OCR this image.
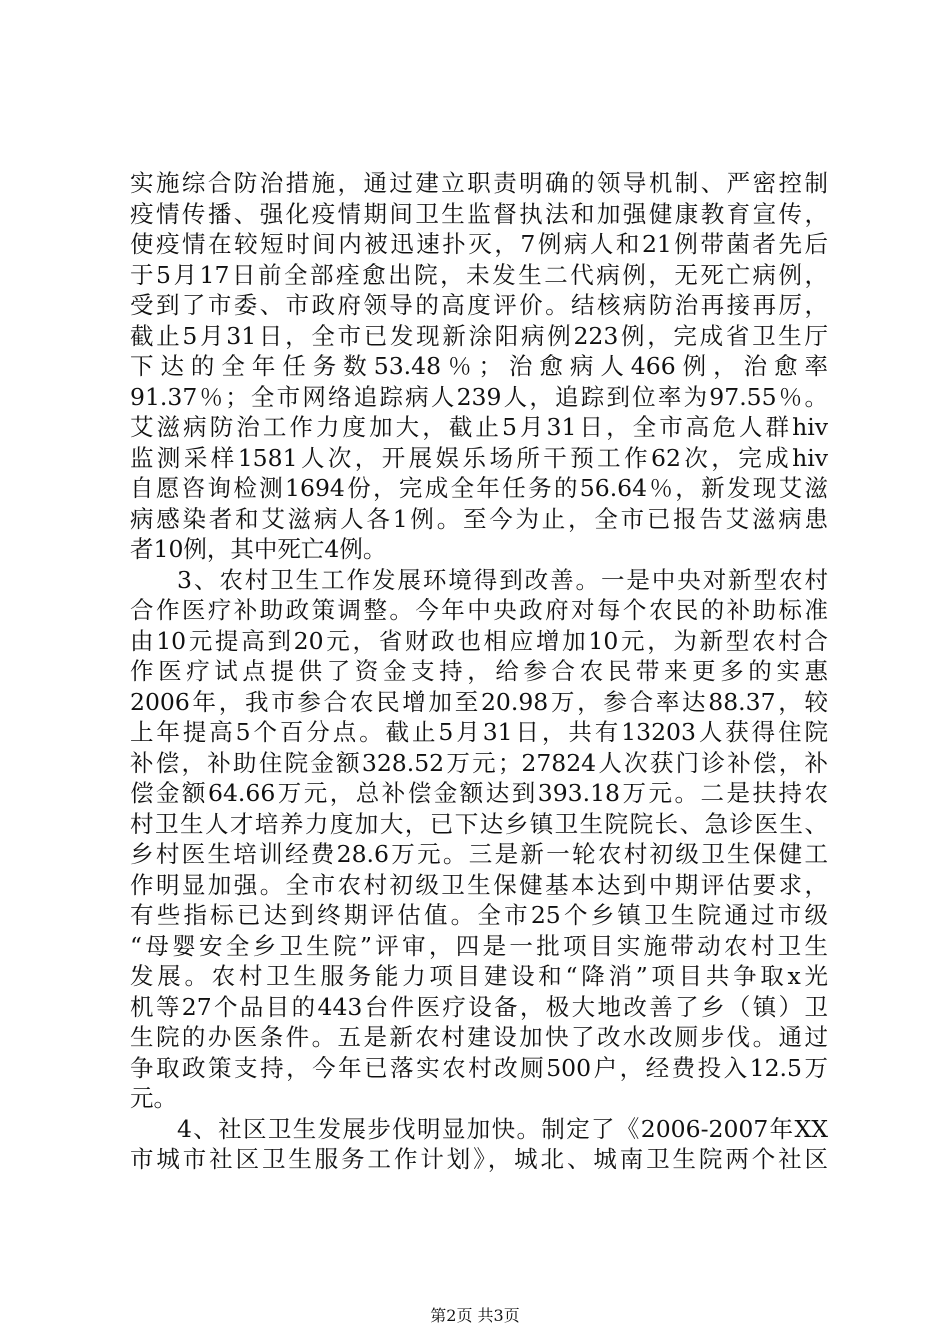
实施综合防治措施，通过建立职责明确的领导机制、严密控制
疫情传播、强化疫情期间卫生监督执法和加强健康教育宣传，
使疫情在较短时间内被迅速扑灭，7例病人和21例带菌者先后
于5月17日前全部痊愈出院，未发生二代病例，无死亡病例，
受到了市委、市政府领导的高度评价。结核病防治再接再厉，
截止5月31日，全市已发现新涂阳病例223例，完成省卫生厅
下达的全年任务数53.48％；治愈病人466例，治愈率
91.37％；全市网络追踪病人239人，追踪到位率为97.55％。
艾滋病防治工作力度加大，截止5月31日，全市高危人群hiv
监测采样1581人次，开展娱乐场所干预工作62次，完成hiv
自愿咨询检测1694份，完成全年任务的56.64％，新发现艾滋
病感染者和艾滋病人各1例。至今为止，全市已报告艾滋病患
者10例，其中死亡4例。
3、农村卫生工作发展环境得到改善。一是中央对新型农村
合作医疗补助政策调整。今年中央政府对每个农民的补助标准
由10元提高到20元，省财政也相应增加10元，为新型农村合
作医疗试点提供了资金支持，给参合农民带来更多的实惠
2006年，我市参合农民增加至20.98万，参合率达88.37，较
上年提高5个百分点。截止5月31日，共有13203人获得住院
补偿，补助住院金额328.52万元；27824人次获门诊补偿，补
偿金额64.66万元，总补偿金额达到393.18万元。二是扶持农
村卫生人才培养力度加大，已下达乡镇卫生院院长、急诊医生、
乡村医生培训经费28.6万元。三是新一轮农村初级卫生保健工
作明显加强。全市农村初级卫生保健基本达到中期评估要求，
有些指标已达到终期评估值。全市25个乡镇卫生院通过市级
“母婴安全乡卫生院”评审，四是一批项目实施带动农村卫生
发展。农村卫生服务能力项目建设和“降消”项目共争取x光
机等27个品目的443台件医疗设备，极大地改善了乡（镇）卫
生院的办医条件。五是新农村建设加快了改水改厕步伐。通过
争取政策支持，今年已落实农村改厕500户，经费投入12.5万
元。
4、社区卫生发展步伐明显加快。制定了《2006-2007年XX
市城市社区卫生服务工作计划》，城北、城南卫生院两个社区
第2页 共3页
